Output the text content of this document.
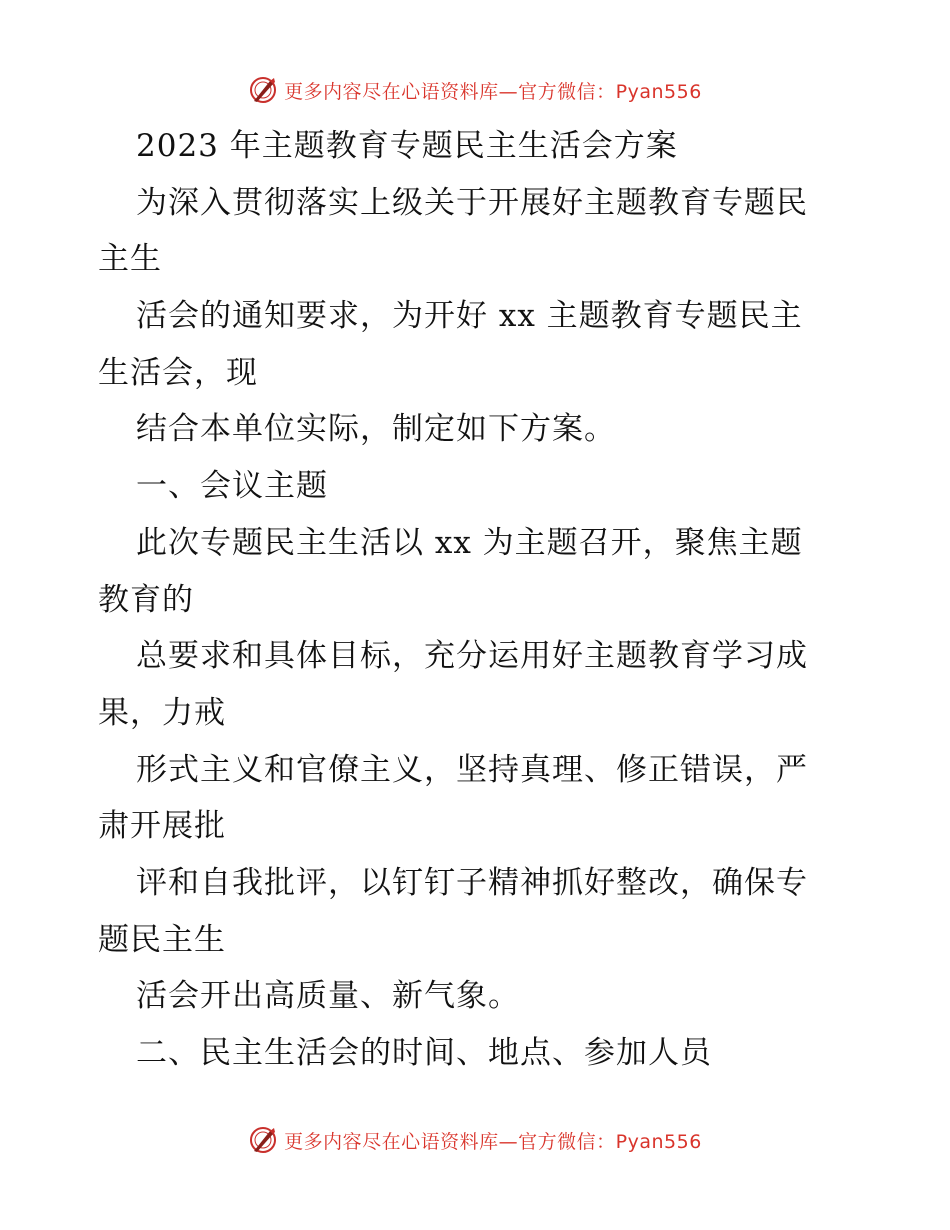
更多内容尽在心语资料库—官方微信：Pyan556
2023 年主题教育专题民主生活会方案
为深入贯彻落实上级关于开展好主题教育专题民
主生
活会的通知要求，为开好 xx 主题教育专题民主
生活会，现
结合本单位实际，制定如下方案。
一、会议主题
此次专题民主生活以 xx 为主题召开，聚焦主题
教育的
总要求和具体目标，充分运用好主题教育学习成
果，力戒
形式主义和官僚主义，坚持真理、修正错误，严
肃开展批
评和自我批评，以钉钉子精神抓好整改，确保专
题民主生
活会开出高质量、新气象。
二、民主生活会的时间、地点、参加人员
更多内容尽在心语资料库—官方微信：Pyan556
